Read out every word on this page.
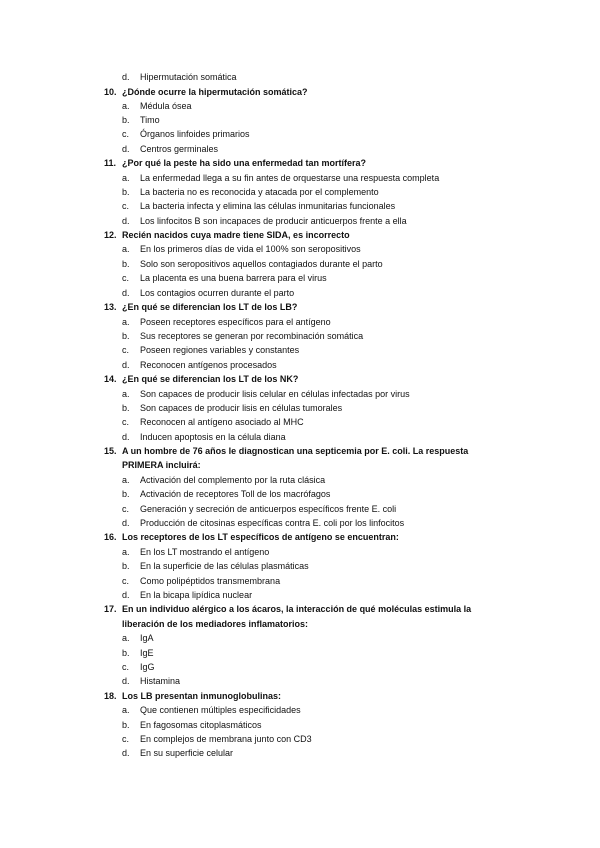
d. Hipermutación somática
10. ¿Dónde ocurre la hipermutación somática?
a. Médula ósea
b. Timo
c. Órganos linfoides primarios
d. Centros germinales
11. ¿Por qué la peste ha sido una enfermedad tan mortífera?
a. La enfermedad llega a su fin antes de orquestarse una respuesta completa
b. La bacteria no es reconocida y atacada por el complemento
c. La bacteria infecta y elimina las células inmunitarias funcionales
d. Los linfocitos B son incapaces de producir anticuerpos frente a ella
12. Recién nacidos cuya madre tiene SIDA, es incorrecto
a. En los primeros días de vida el 100% son seropositivos
b. Solo son seropositivos aquellos contagiados durante el parto
c. La placenta es una buena barrera para el virus
d. Los contagios ocurren durante el parto
13. ¿En qué se diferencian los LT de los LB?
a. Poseen receptores específicos para el antígeno
b. Sus receptores se generan por recombinación somática
c. Poseen regiones variables y constantes
d. Reconocen antígenos procesados
14. ¿En qué se diferencian los LT de los NK?
a. Son capaces de producir lisis celular en células infectadas por virus
b. Son capaces de producir lisis en células tumorales
c. Reconocen al antígeno asociado al MHC
d. Inducen apoptosis en la célula diana
15. A un hombre de 76 años le diagnostican una septicemia por E. coli. La respuesta
PRIMERA incluirá:
a. Activación del complemento por la ruta clásica
b. Activación de receptores Toll de los macrófagos
c. Generación y secreción de anticuerpos específicos frente E. coli
d. Producción de citosinas específicas contra E. coli por los linfocitos
16. Los receptores de los LT específicos de antígeno se encuentran:
a. En los LT mostrando el antígeno
b. En la superficie de las células plasmáticas
c. Como polipéptidos transmembrana
d. En la bicapa lipídica nuclear
17. En un individuo alérgico a los ácaros, la interacción de qué moléculas estimula la
liberación de los mediadores inflamatorios:
a. IgA
b. IgE
c. IgG
d. Histamina
18. Los LB presentan inmunoglobulinas:
a. Que contienen múltiples especificidades
b. En fagosomas citoplasmáticos
c. En complejos de membrana junto con CD3
d. En su superficie celular
